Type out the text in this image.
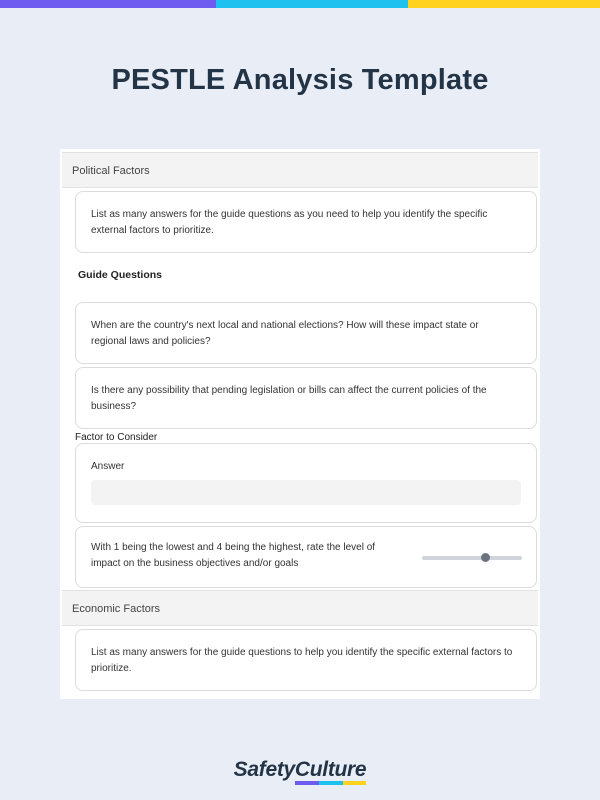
PESTLE Analysis Template
Political Factors
List as many answers for the guide questions as you need to help you identify the specific external factors to prioritize.
Guide Questions
When are the country's next local and national elections? How will these impact state or regional laws and policies?
Is there any possibility that pending legislation or bills can affect the current policies of the business?
Factor to Consider
Answer
With 1 being the lowest and 4 being the highest, rate the level of impact on the business objectives and/or goals
Economic Factors
List as many answers for the guide questions to help you identify the specific external factors to prioritize.
SafetyCulture
